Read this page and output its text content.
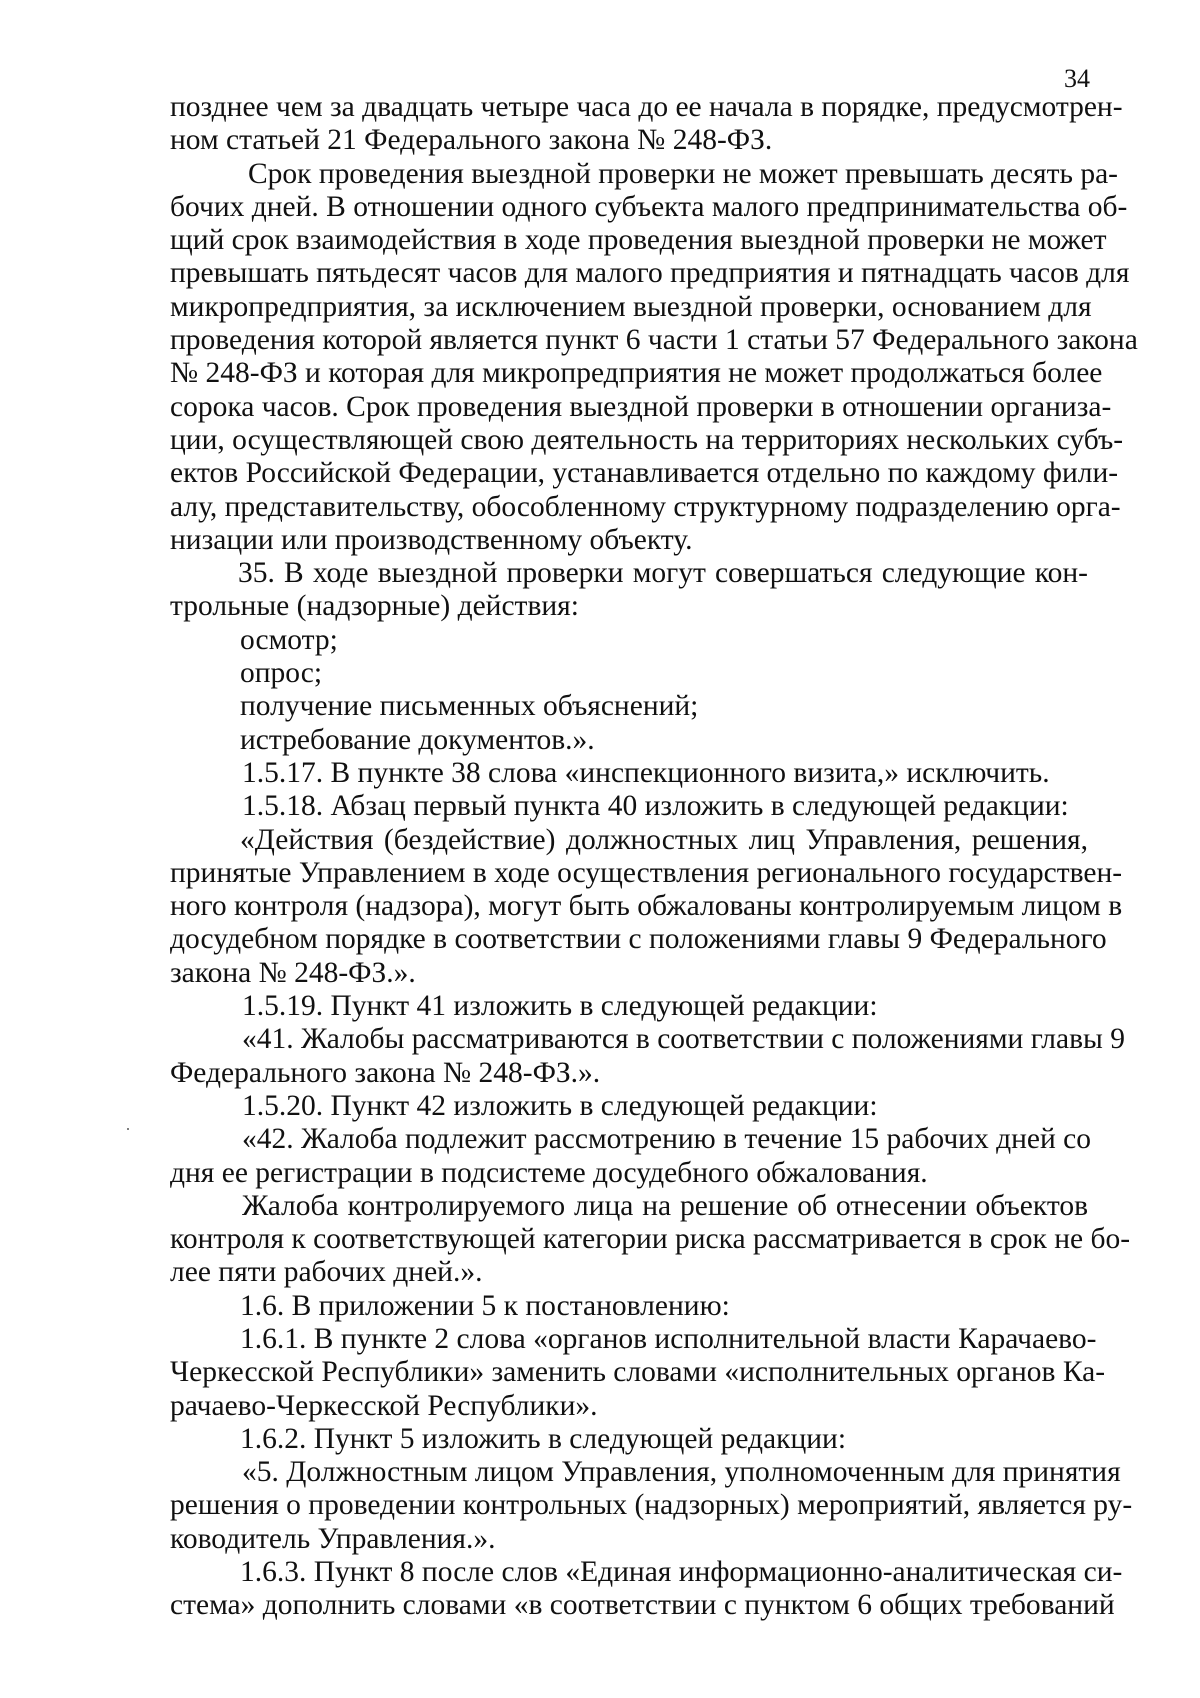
34
позднее чем за двадцать четыре часа до ее начала в порядке, предусмотрен-
ном статьей 21 Федерального закона № 248-ФЗ.
Срок проведения выездной проверки не может превышать десять ра-
бочих дней. В отношении одного субъекта малого предпринимательства об-
щий срок взаимодействия в ходе проведения выездной проверки не может
превышать пятьдесят часов для малого предприятия и пятнадцать часов для
микропредприятия, за исключением выездной проверки, основанием для
проведения которой является пункт 6 части 1 статьи 57 Федерального закона
№ 248-ФЗ и которая для микропредприятия не может продолжаться более
сорока часов. Срок проведения выездной проверки в отношении организа-
ции, осуществляющей свою деятельность на территориях нескольких субъ-
ектов Российской Федерации, устанавливается отдельно по каждому фили-
алу, представительству, обособленному структурному подразделению орга-
низации или производственному объекту.
35. В ходе выездной проверки могут совершаться следующие кон-
трольные (надзорные) действия:
осмотр;
опрос;
получение письменных объяснений;
истребование документов.».
1.5.17. В пункте 38 слова «инспекционного визита,» исключить.
1.5.18. Абзац первый пункта 40 изложить в следующей редакции:
«Действия (бездействие) должностных лиц Управления, решения,
принятые Управлением в ходе осуществления регионального государствен-
ного контроля (надзора), могут быть обжалованы контролируемым лицом в
досудебном порядке в соответствии с положениями главы 9 Федерального
закона № 248-ФЗ.».
1.5.19. Пункт 41 изложить в следующей редакции:
«41. Жалобы рассматриваются в соответствии с положениями главы 9
Федерального закона № 248-ФЗ.».
1.5.20. Пункт 42 изложить в следующей редакции:
«42. Жалоба подлежит рассмотрению в течение 15 рабочих дней со
дня ее регистрации в подсистеме досудебного обжалования.
Жалоба контролируемого лица на решение об отнесении объектов
контроля к соответствующей категории риска рассматривается в срок не бо-
лее пяти рабочих дней.».
1.6. В приложении 5 к постановлению:
1.6.1. В пункте 2 слова «органов исполнительной власти Карачаево-
Черкесской Республики» заменить словами «исполнительных органов Ка-
рачаево-Черкесской Республики».
1.6.2. Пункт 5 изложить в следующей редакции:
«5. Должностным лицом Управления, уполномоченным для принятия
решения о проведении контрольных (надзорных) мероприятий, является ру-
ководитель Управления.».
1.6.3. Пункт 8 после слов «Единая информационно-аналитическая си-
стема» дополнить словами «в соответствии с пунктом 6 общих требований
